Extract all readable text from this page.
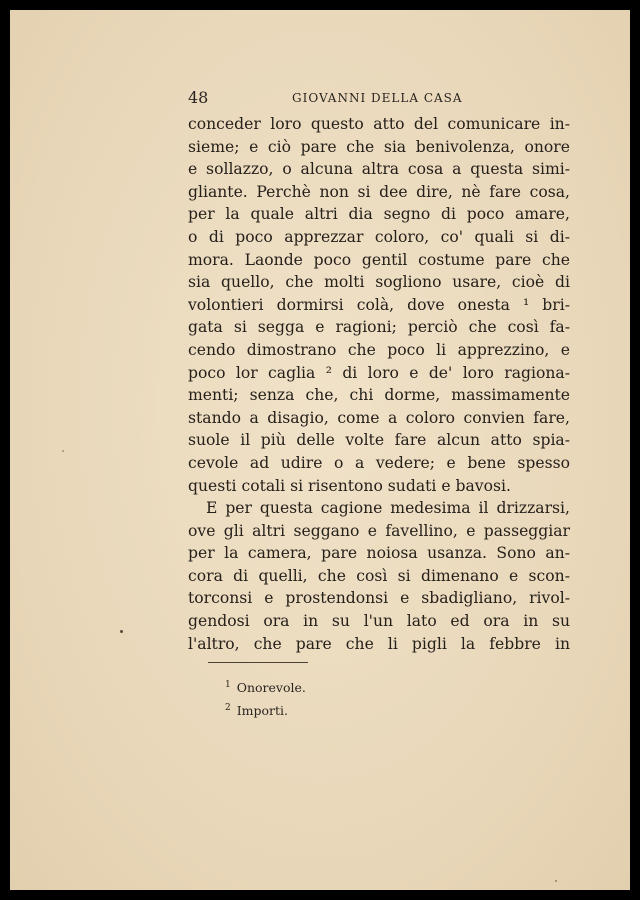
48	GIOVANNI DELLA CASA
conceder loro questo atto del comunicare in-
sieme; e ciò pare che sia benivolenza, onore
e sollazzo, o alcuna altra cosa a questa simi-
gliante. Perchè non si dee dire, nè fare cosa,
per la quale altri dia segno di poco amare,
o di poco apprezzar coloro, co' quali si di-
mora. Laonde poco gentil costume pare che
sia quello, che molti sogliono usare, cioè di
volontieri dormirsi colà, dove onesta ¹ bri-
gata si segga e ragioni; perciò che così fa-
cendo dimostrano che poco li apprezzino, e
poco lor caglia ² di loro e de' loro ragiona-
menti; senza che, chi dorme, massimamente
stando a disagio, come a coloro convien fare,
suole il più delle volte fare alcun atto spia-
cevole ad udire o a vedere; e bene spesso
questi cotali si risentono sudati e bavosi.
E per questa cagione medesima il drizzarsi,
ove gli altri seggano e favellino, e passeggiar
per la camera, pare noiosa usanza. Sono an-
cora di quelli, che così si dimenano e scon-
torconsi e prostendonsi e sbadigliano, rivol-
gendosi ora in su l'un lato ed ora in su
l'altro, che pare che li pigli la febbre in
$^1$ Onorevole.
$^2$ Importi.
